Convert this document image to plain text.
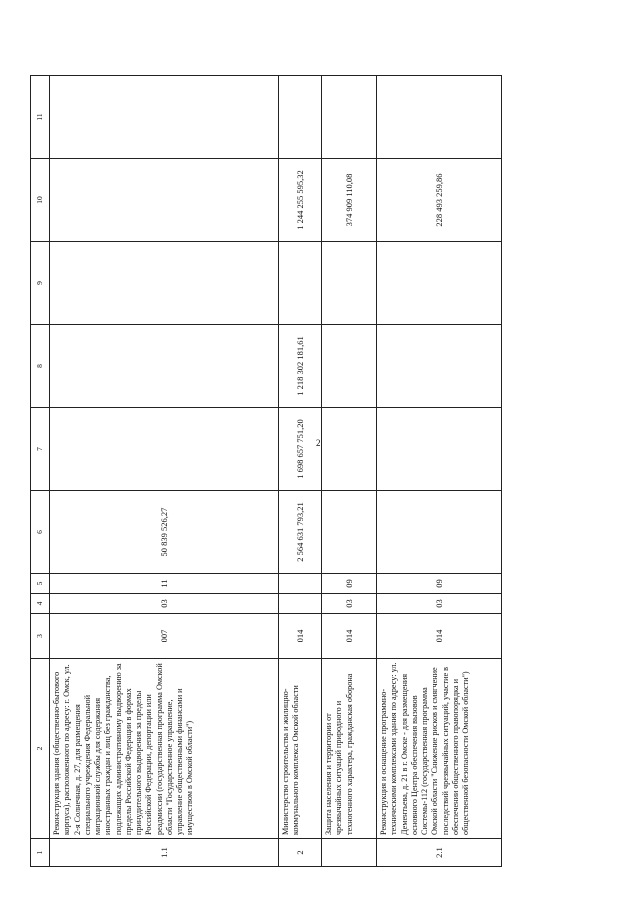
2
1	2	3	4	5	6	7	8	9	10	11
1.1	Реконструкция здания (общественно-бытового корпуса), расположенного по адресу: г. Омск, ул. 2-я Солнечная, д. 27, для размещения специального учреждения Федеральной миграционной службы для содержания иностранных граждан и лиц без гражданства, подлежащих административному выдворению за пределы Российской Федерации в формах принудительного выдворения за пределы Российской Федерации, депортации или реадмиссии (государственная программа Омской области "Государственное управление, управление общественными финансами и имуществом в Омской области")	007	03	11	50 839 526,27					
2	Министерство строительства и жилищно-коммунального комплекса Омской области	014			2 564 631 793,21	1 698 657 751,20	1 218 302 181,61		1 244 255 595,32	
	Защита населения и территории от чрезвычайных ситуаций природного и техногенного характера, гражданская оборона	014	03	09					374 909 110,08	
2.1	Реконструкция и оснащение программно-техническими комплексами здания по адресу: ул. Дементьева, д. 21 в г. Омске - для размещения основного Центра обеспечения вызовов Системы-112 (государственная программа Омской области "Снижение рисков и смягчение последствий чрезвычайных ситуаций, участие в обеспечении общественного правопорядка и общественной безопасности Омской области")	014	03	09					228 493 259,86	
